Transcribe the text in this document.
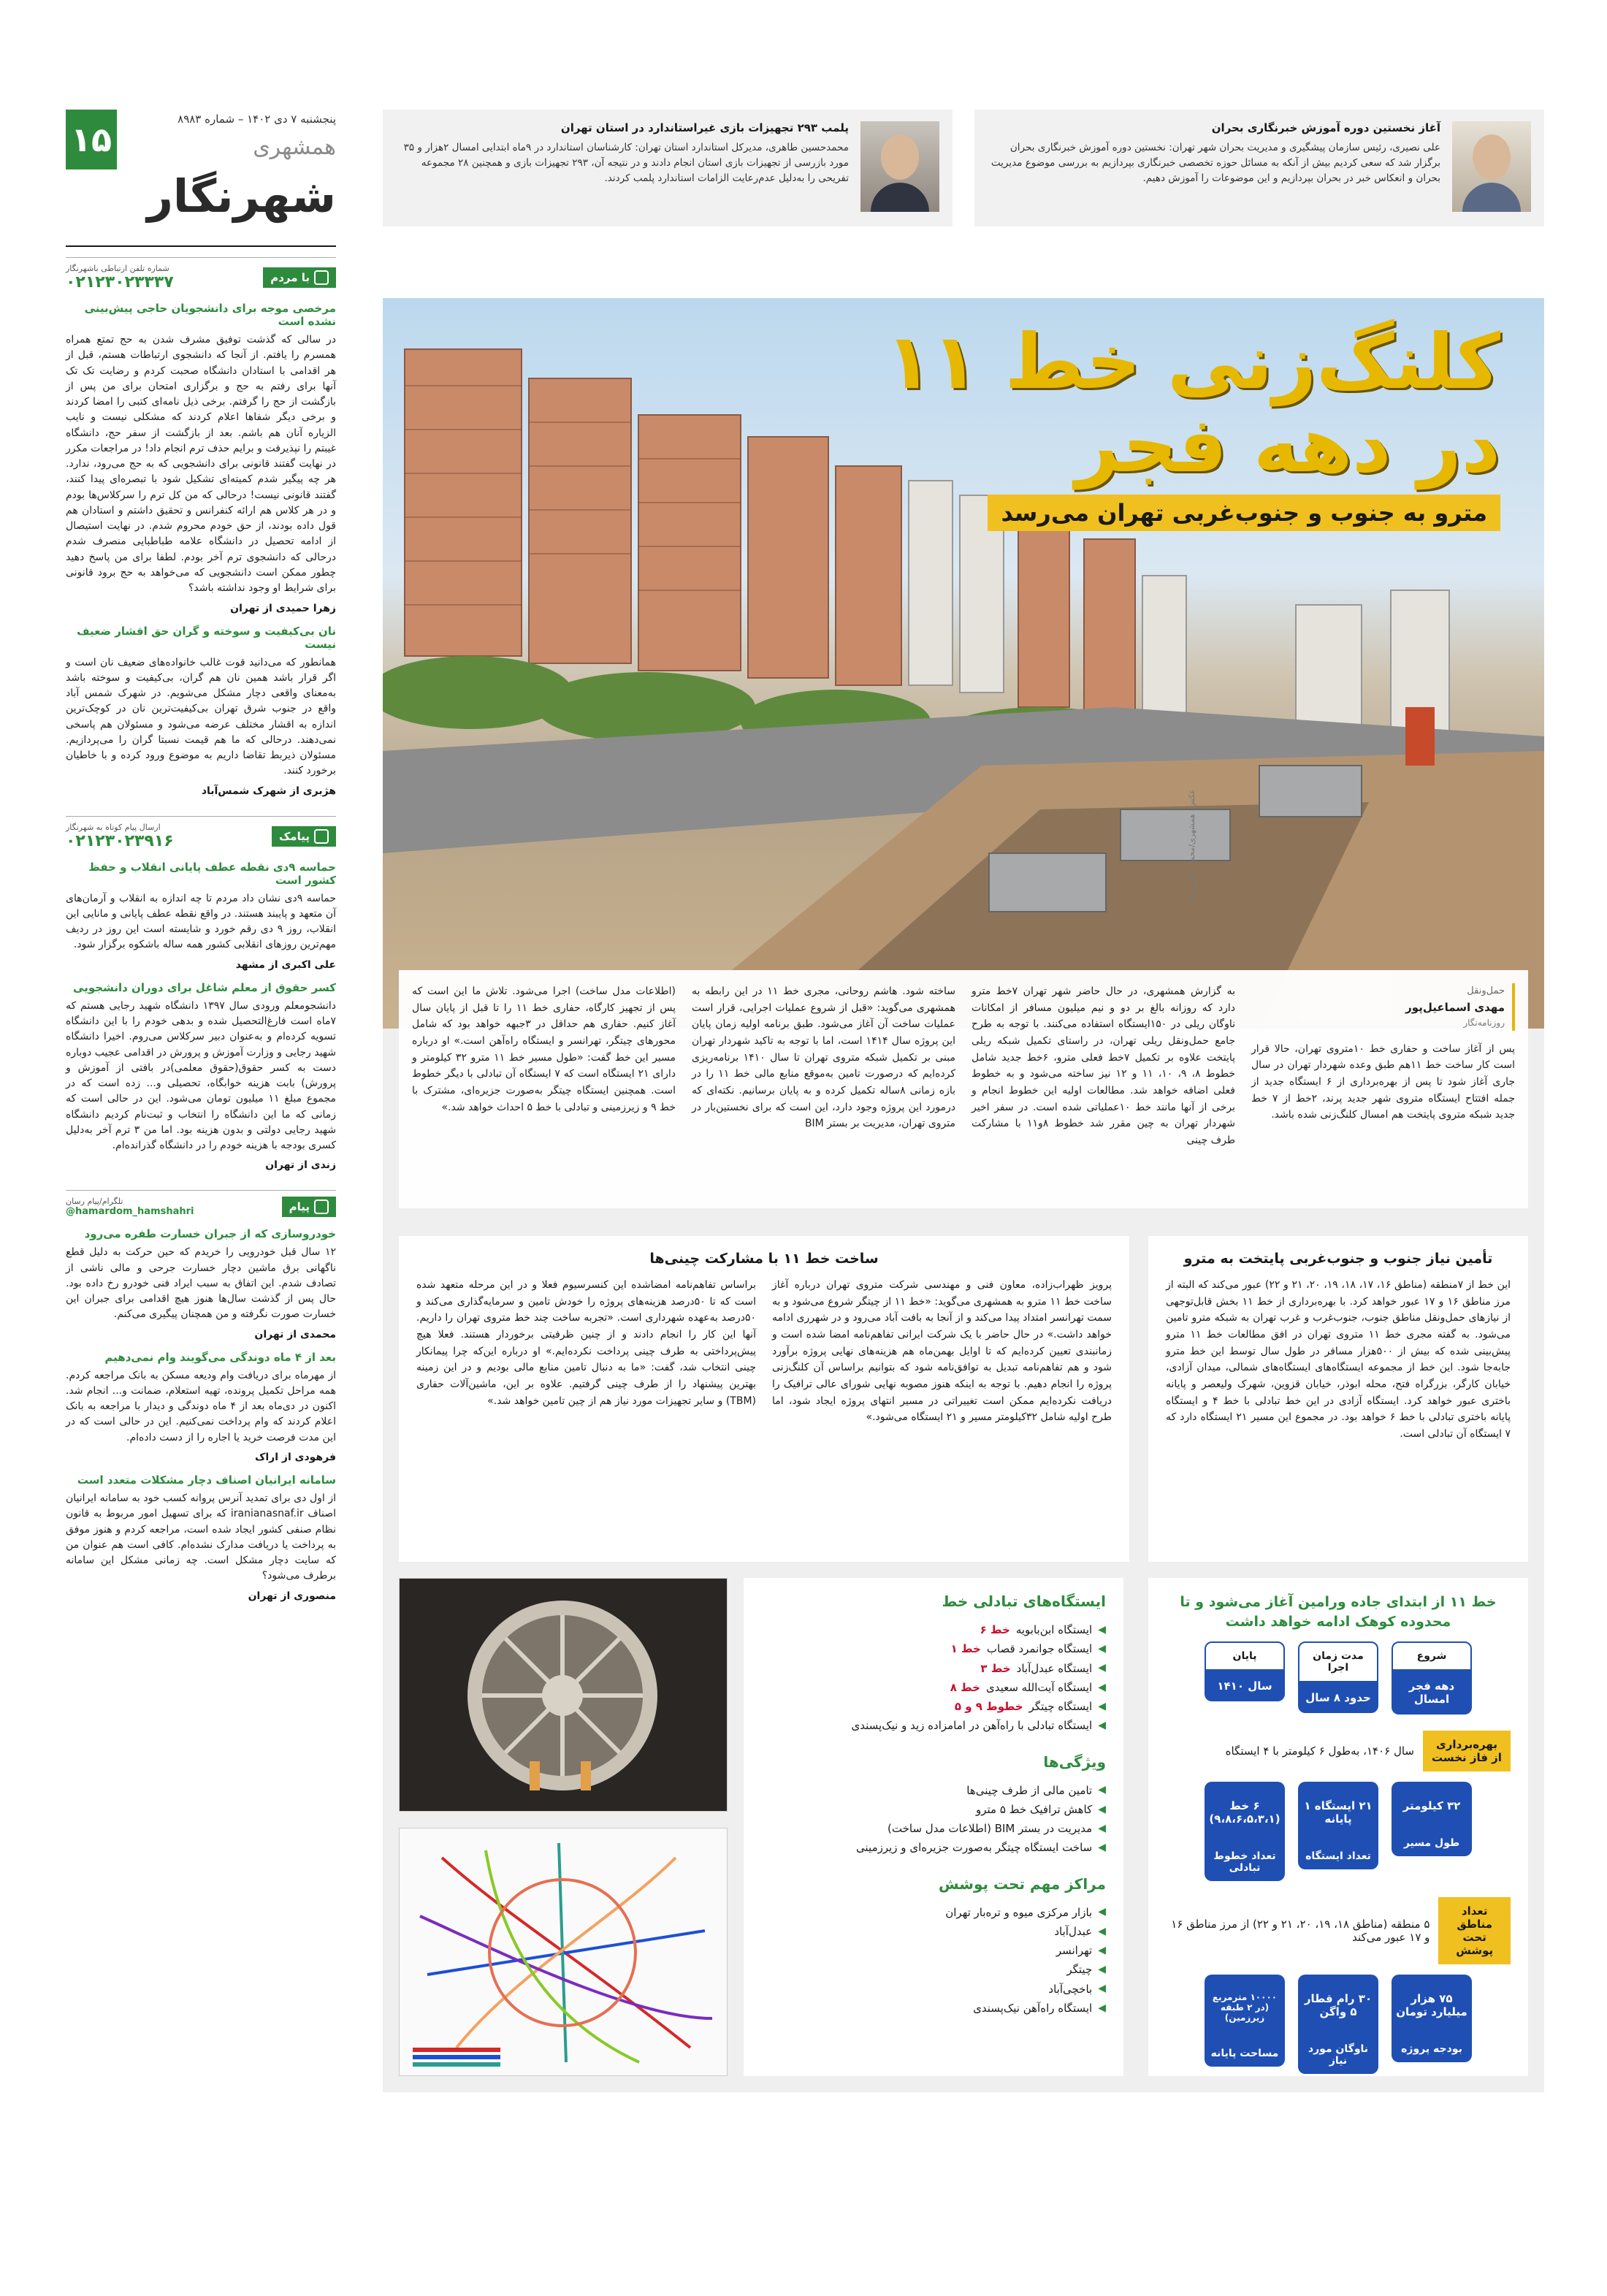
۱۵
پنجشنبه ۷ دی ۱۴۰۲ – شماره ۸۹۸۳
همشهری
شهرنگار
با مردم
شماره تلفن ارتباطی باشهرنگار
۰۲۱۲۳۰۲۳۳۳۷
مرخصی موجه برای دانشجویان حاجی پیش‌بینی نشده است

در سالی که گذشت توفیق مشرف شدن به حج تمتع همراه همسرم را یافتم. از آنجا که دانشجوی ارتباطات هستم، قبل از هر اقدامی با استادان دانشگاه صحبت کردم و رضایت تک تک آنها برای رفتم به حج و برگزاری امتحان برای من پس از بازگشت از حج را گرفتم. برخی ذیل نامه‌ای کتبی را امضا کردند و برخی دیگر شفاها اعلام کردند که مشکلی نیست و نایب الزیاره آنان هم باشم. بعد از بازگشت از سفر حج، دانشگاه غیبتم را نپذیرفت و برایم حذف ترم انجام داد! در مراجعات مکرر در نهایت گفتند قانونی برای دانشجویی که به حج می‌رود، ندارد. هر چه پیگیر شدم کمیته‌ای تشکیل شود با تبصره‌ای پیدا کنند، گفتند قانونی نیست! درحالی که من کل ترم را سرکلاس‌ها بودم و در هر کلاس هم ارائه کنفرانس و تحقیق داشتم و استادان هم قول داده بودند، از حق خودم محروم شدم. در نهایت استیصال از ادامه تحصیل در دانشگاه علامه طباطبایی منصرف شدم درحالی که دانشجوی ترم آخر بودم. لطفا برای من پاسخ دهید چطور ممکن است دانشجویی که می‌خواهد به حج برود قانونی برای شرایط او وجود نداشته باشد؟

زهرا حمیدی از تهران
نان بی‌کیفیت و سوخته و گران حق اقشار ضعیف نیست

همانطور که می‌دانید قوت غالب خانواده‌های ضعیف نان است و اگر قرار باشد همین نان هم گران، بی‌کیفیت و سوخته باشد به‌معنای واقعی دچار مشکل می‌شویم. در شهرک شمس آباد واقع در جنوب شرق تهران بی‌کیفیت‌ترین نان در کوچک‌ترین اندازه به اقشار مختلف عرضه می‌شود و مسئولان هم پاسخی نمی‌دهند. درحالی که ما هم قیمت نسبتا گران را می‌پردازیم. مسئولان ذیربط تقاضا داریم به موضوع ورود کرده و با خاطیان برخورد کنند.

هژبری از شهرک شمس‌آباد
پیامک
ارسال پیام کوتاه به شهرنگار
۰۲۱۲۳۰۲۳۹۱۶
حماسه ۹دی نقطه عطف پایانی انقلاب و حفظ کشور است

حماسه ۹دی نشان داد مردم تا چه اندازه به انقلاب و آرمان‌های آن متعهد و پایبند هستند. در واقع نقطه عطف پایانی و مانایی این انقلاب، روز ۹ دی رقم خورد و شایسته است این روز در ردیف مهم‌ترین روزهای انقلابی کشور همه ساله باشکوه برگزار شود.

علی اکبری از مشهد
کسر حقوق از معلم شاغل برای دوران دانشجویی

دانشجومعلم ورودی سال ۱۳۹۷ دانشگاه شهید رجایی هستم که ۷ماه است فارغ‌التحصیل شده و بدهی خودم را با این دانشگاه تسویه کرده‌ام و به‌عنوان دبیر سرکلاس می‌روم. اخیرا دانشگاه شهید رجایی و وزارت آموزش و پرورش در اقدامی عجیب دوباره دست به کسر حقوق(حقوق معلمی)در بافتی از آموزش و پرورش) بابت هزینه خوابگاه، تحصیلی و... زده است که در مجموع مبلغ ۱۱ میلیون تومان می‌شود. این در حالی است که زمانی که ما این دانشگاه را انتخاب و ثبت‌نام کردیم دانشگاه شهید رجایی دولتی و بدون هزینه بود. اما من ۳ ترم آخر به‌دلیل کسری بودجه با هزینه خودم را در دانشگاه گذرانده‌ام.

زندی از تهران
پیام
تلگرام/پیام رسان
@hamardom_hamshahri
خودروسازی که از جبران خسارت طفره می‌رود

۱۲ سال قبل خودرویی را خریدم که حین حرکت به دلیل قطع ناگهانی برق ماشین دچار خسارت جرحی و مالی ناشی از تصادف شدم. این اتفاق به سبب ایراد فنی خودرو رخ داده بود. حال پس از گذشت سال‌ها هنوز هیچ اقدامی برای جبران این خسارت صورت نگرفته و من همچنان پیگیری می‌کنم.

محمدی از تهران
بعد از ۴ ماه دوندگی می‌گویند وام نمی‌دهیم

از مهرماه برای دریافت وام ودیعه مسکن به بانک مراجعه کردم. همه مراحل تکمیل پرونده، تهیه استعلام، ضمانت و... انجام شد. اکنون در دی‌ماه بعد از ۴ ماه دوندگی و دیدار با مراجعه به بانک اعلام کردند که وام پرداخت نمی‌کنیم. این در حالی است که در این مدت فرصت خرید یا اجاره را از دست داده‌ام.

فرهودی از اراک
سامانه ایرانیان اصناف دچار مشکلات متعدد است

از اول دی برای تمدید آنرس پروانه کسب خود به سامانه ایرانیان اصناف iranianasnaf.ir که برای تسهیل امور مربوط به قانون نظام صنفی کشور ایجاد شده است، مراجعه کردم و هنوز موفق به پرداخت یا دریافت مدارک نشده‌ام. کافی است هم عنوان من که سایت دچار مشکل است. چه زمانی مشکل این سامانه برطرف می‌شود؟

منصوری از تهران
پلمب ۲۹۳ تجهیزات بازی غیراستاندارد در استان تهران

محمدحسین طاهری، مدیرکل استاندارد استان تهران: کارشناسان استاندارد در ۹ماه ابتدایی امسال ۲هزار و ۳۵ مورد بازرسی از تجهیزات بازی استان انجام دادند و در نتیجه آن، ۲۹۳ تجهیزات بازی و همچنین ۲۸ مجموعه تفریحی را به‌دلیل عدم‌رعایت الزامات استاندارد پلمب کردند.

آغاز نخستین دوره آموزش خبرنگاری بحران

علی نصیری، رئیس سازمان پیشگیری و مدیریت بحران شهر تهران: نخستین دوره آموزش خبرنگاری بحران برگزار شد که سعی کردیم بیش از آنکه به مسائل حوزه تخصصی خبرنگاری بپردازیم به بررسی موضوع مدیریت بحران و انعکاس خبر در بحران بپردازیم و این موضوعات را آموزش دهیم.

کلنگ‌زنی خط ۱۱
در دهه فجر
مترو به جنوب و جنوب‌غربی تهران می‌رسد
حمل‌ونقل
مهدی اسماعیل‌پور
روزنامه‌نگار
پس از آغاز ساخت و حفاری خط ۱۰متروی تهران، حالا قرار است کار ساخت خط ۱۱هم طبق وعده شهردار تهران در سال جاری آغاز شود تا پس از بهره‌برداری از ۶ ایستگاه جدید از جمله افتتاح ایستگاه متروی شهر جدید پرند، ۲خط از ۷ خط جدید شبکه متروی پایتخت هم امسال کلنگ‌زنی شده باشد.
به گزارش همشهری، در حال حاضر شهر تهران ۷خط مترو دارد که روزانه بالغ بر دو و نیم میلیون مسافر از امکانات ناوگان ریلی در ۱۵۰ایستگاه استفاده می‌کنند. با توجه به طرح جامع حمل‌ونقل ریلی تهران، در راستای تکمیل شبکه ریلی پایتخت علاوه بر تکمیل ۷خط فعلی مترو، ۶خط جدید شامل خطوط ۸، ۹، ۱۰، ۱۱ و ۱۲ نیز ساخته می‌شود و به خطوط فعلی اضافه خواهد شد. مطالعات اولیه این خطوط انجام و برخی از آنها مانند خط ۱۰عملیاتی شده است. در سفر اخیر شهردار تهران به چین مقرر شد خطوط ۸و۱۱ با مشارکت طرف چینی
ساخته شود. هاشم روحانی، مجری خط ۱۱ در این رابطه به همشهری می‌گوید: «قبل از شروع عملیات اجرایی، قرار است عملیات ساخت آن آغاز می‌شود. طبق برنامه اولیه زمان پایان این پروژه سال ۱۴۱۴ است، اما با توجه به تاکید شهردار تهران مبنی بر تکمیل شبکه متروی تهران تا سال ۱۴۱۰ برنامه‌ریزی کرده‌ایم که درصورت تامین به‌موقع منابع مالی خط ۱۱ را در بازه زمانی ۸ساله تکمیل کرده و به پایان برسانیم. نکته‌ای که درمورد این پروژه وجود دارد، این است که برای نخستین‌بار در متروی تهران، مدیریت بر بستر BIM
(اطلاعات مدل ساخت) اجرا می‌شود. تلاش ما این است که پس از تجهیز کارگاه، حفاری خط ۱۱ را تا قبل از پایان سال آغاز کنیم. حفاری هم حداقل در ۳جبهه خواهد بود که شامل محورهای چیتگر، تهرانسر و ایستگاه راه‌آهن است.» او درباره مسیر این خط گفت: «طول مسیر خط ۱۱ مترو ۳۲ کیلومتر و دارای ۲۱ ایستگاه است که ۷ ایستگاه آن تبادلی با دیگر خطوط است. همچنین ایستگاه چیتگر به‌صورت جزیره‌ای، مشترک با خط ۹ و زیرزمینی و تبادلی با خط ۵ احداث خواهد شد.»
تأمین نیاز جنوب و جنوب‌غربی پایتخت به مترو

این خط از ۷منطقه (مناطق ۱۶، ۱۷، ۱۸، ۱۹، ۲۰، ۲۱ و ۲۲) عبور می‌کند که البته از مرز مناطق ۱۶ و ۱۷ عبور خواهد کرد. با بهره‌برداری از خط ۱۱ بخش قابل‌توجهی از نیازهای حمل‌ونقل مناطق جنوب، جنوب‌غرب و غرب تهران به شبکه مترو تامین می‌شود. به گفته مجری خط ۱۱ متروی تهران در افق مطالعات خط ۱۱ مترو پیش‌بینی شده که بیش از ۵۰۰هزار مسافر در طول سال توسط این خط مترو جابه‌جا شود. این خط از مجموعه ایستگاه‌های ایستگاه‌های شمالی، میدان آزادی، خیابان کارگر، بزرگراه فتح، محله ابوذر، خیابان قزوین، شهرک ولیعصر و پایانه باختری عبور خواهد کرد. ایستگاه آزادی در این خط تبادلی با خط ۴ و ایستگاه پایانه باختری تبادلی با خط ۶ خواهد بود. در مجموع این مسیر ۲۱ ایستگاه دارد که ۷ ایستگاه آن تبادلی است.

ساخت خط ۱۱ با مشارکت چینی‌ها

پرویز ظهراب‌زاده، معاون فنی و مهندسی شرکت متروی تهران درباره آغاز ساخت خط ۱۱ مترو به همشهری می‌گوید: «خط ۱۱ از چیتگر شروع می‌شود و به سمت تهرانسر امتداد پیدا می‌کند و از آنجا به بافت آباد می‌رود و در شهرری ادامه خواهد داشت.» در حال حاضر با یک شرکت ایرانی تفاهم‌نامه امضا شده است و زمانبندی تعیین کرده‌ایم که تا اوایل بهمن‌ماه هم هزینه‌های نهایی پروژه برآورد شود و هم تفاهم‌نامه تبدیل به توافق‌نامه شود که بتوانیم براساس آن کلنگ‌زنی پروژه را انجام دهیم. با توجه به اینکه هنوز مصوبه نهایی شورای عالی ترافیک را دریافت نکرده‌ایم ممکن است تغییراتی در مسیر انتهای پروژه ایجاد شود، اما طرح اولیه شامل ۳۲کیلومتر مسیر و ۲۱ ایستگاه می‌شود.»

براساس تفاهم‌نامه امضاشده این کنسرسیوم فعلا و در این مرحله متعهد شده است که تا ۵۰درصد هزینه‌های پروژه را خودش تامین و سرمایه‌گذاری می‌کند و ۵۰درصد به‌عهده شهرداری است. «تجربه ساخت چند خط متروی تهران را داریم. آنها این کار را انجام دادند و از چنین ظرفیتی برخوردار هستند. فعلا هیچ پیش‌پرداختی به طرف چینی پرداخت نکرده‌ایم.» او درباره این‌که چرا پیمانکار چینی انتخاب شد، گفت: «ما به دنبال تامین منابع مالی بودیم و در این زمینه بهترین پیشنهاد را از طرف چینی گرفتیم. علاوه بر این، ماشین‌آلات حفاری (TBM) و سایر تجهیزات مورد نیاز هم از چین تامین خواهد شد.»

ایستگاه‌های تبادلی خط
◀
ایستگاه ابن‌بابویه
خط ۶
◀
ایستگاه جوانمرد قصاب
خط ۱
◀
ایستگاه عبدل‌آباد
خط ۳
◀
ایستگاه آیت‌الله سعیدی
خط ۸
◀
ایستگاه چیتگر
خطوط ۹ و ۵
◀
ایستگاه تبادلی با راه‌آهن در امامزاده زید و نیک‌پسندی
ویژگی‌ها
◀
تامین مالی از طرف چینی‌ها
◀
کاهش ترافیک خط ۵ مترو
◀
مدیریت در بستر BIM (اطلاعات مدل ساخت)
◀
ساخت ایستگاه چیتگر به‌صورت جزیره‌ای و زیرزمینی
مراکز مهم تحت پوشش
◀
بازار مرکزی میوه و تره‌بار تهران
◀
عبدل‌آباد
◀
تهرانسر
◀
چیتگر
◀
باخچی‌آباد
◀
ایستگاه راه‌آهن نیک‌پسندی
خط ۱۱ از ابتدای جاده ورامین آغاز می‌شود و تا محدوده کوهک ادامه خواهد داشت
شروع
دهه فجر امسال
مدت زمان اجرا
حدود ۸ سال
پایان
سال ۱۴۱۰
بهره‌برداری از فاز نخست
سال ۱۴۰۶، به‌طول ۶ کیلومتر با ۴ ایستگاه
۳۲ کیلومتر
طول مسیر
۲۱ ایستگاه ۱ پایانه
تعداد ایستگاه
۶ خط (۹،۸،۶،۵،۳،۱)
تعداد خطوط تبادلی
تعداد مناطق تحت پوشش
۵ منطقه (مناطق ۱۸، ۱۹، ۲۰، ۲۱ و ۲۲) از مرز مناطق ۱۶ و ۱۷ عبور می‌کند
۷۵ هزار میلیارد تومان
بودجه پروژه
۳۰ رام قطار ۵ واگن
ناوگان مورد نیاز
۱۰۰۰۰ مترمربع (در ۲ طبقه زیرزمین)
مساحت پایانه
عکس: همشهری/محمد عباسی‌نژاد
